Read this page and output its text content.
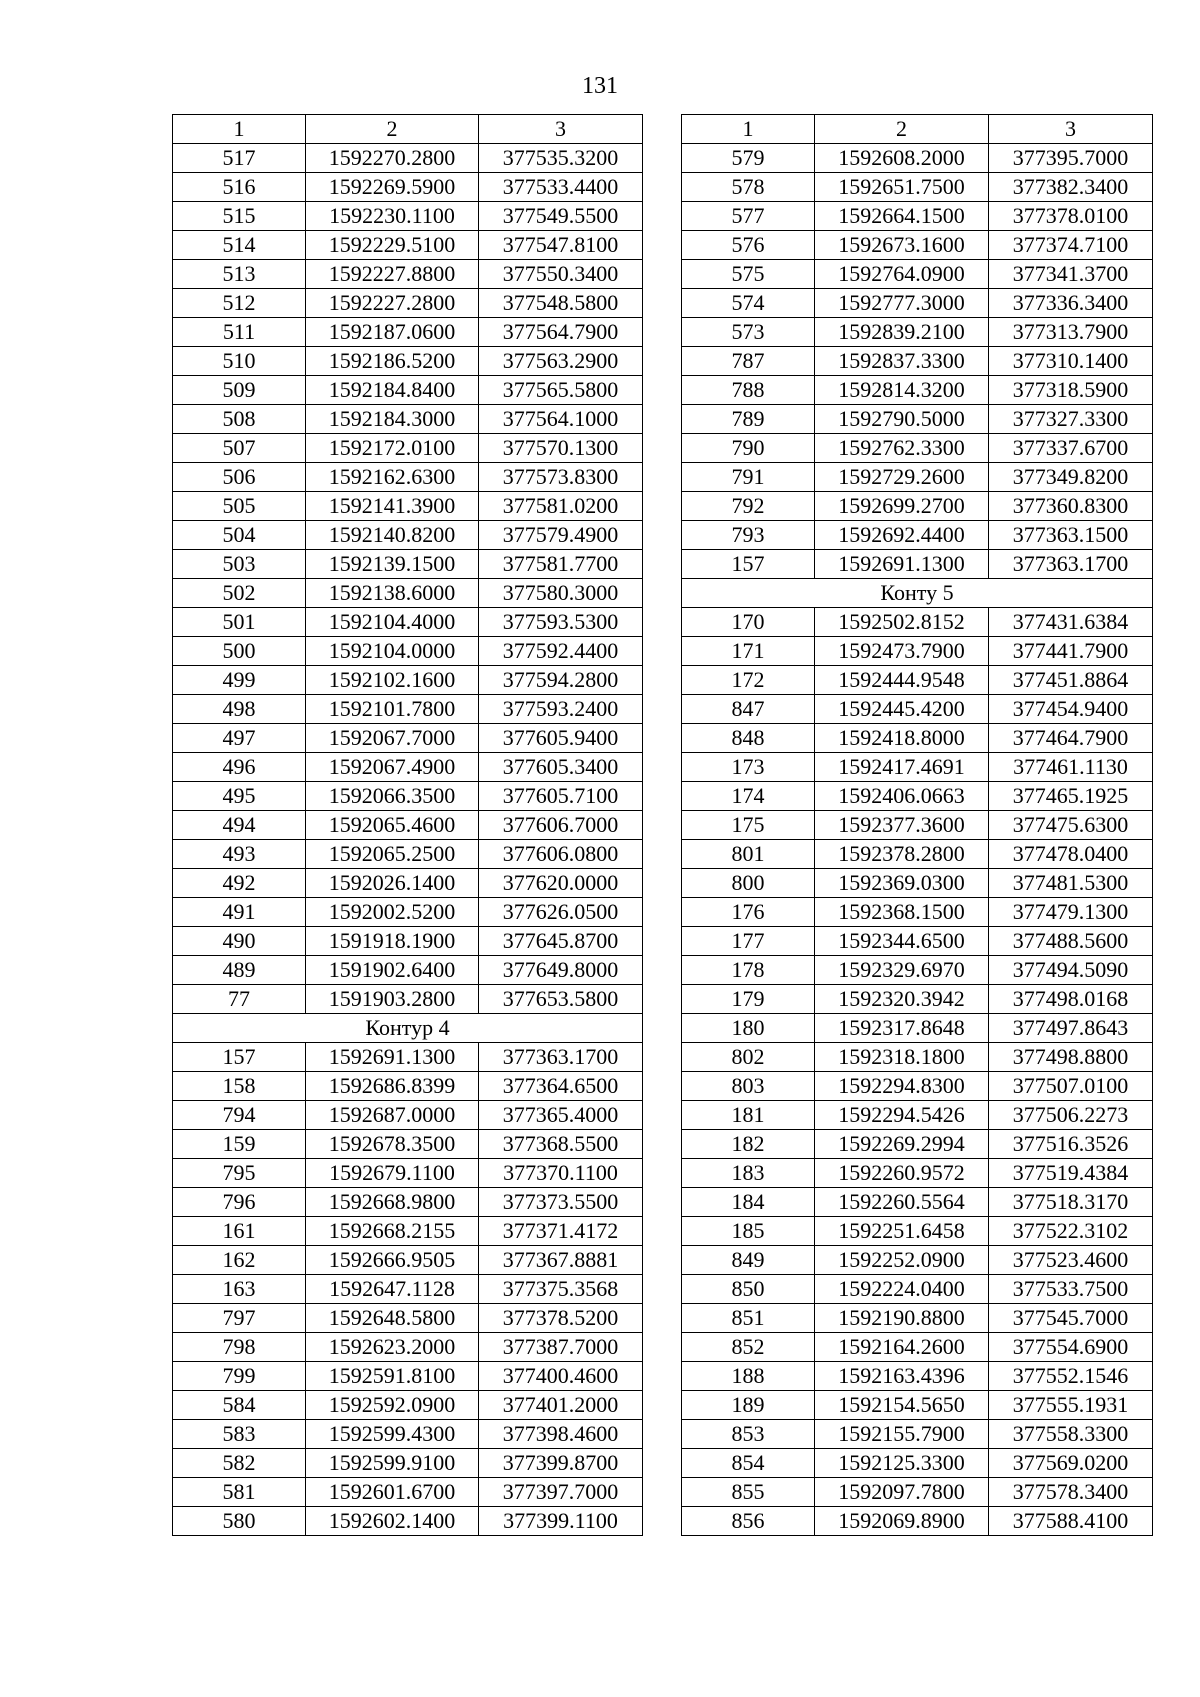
131
1	2	3
517	1592270.2800	377535.3200
516	1592269.5900	377533.4400
515	1592230.1100	377549.5500
514	1592229.5100	377547.8100
513	1592227.8800	377550.3400
512	1592227.2800	377548.5800
511	1592187.0600	377564.7900
510	1592186.5200	377563.2900
509	1592184.8400	377565.5800
508	1592184.3000	377564.1000
507	1592172.0100	377570.1300
506	1592162.6300	377573.8300
505	1592141.3900	377581.0200
504	1592140.8200	377579.4900
503	1592139.1500	377581.7700
502	1592138.6000	377580.3000
501	1592104.4000	377593.5300
500	1592104.0000	377592.4400
499	1592102.1600	377594.2800
498	1592101.7800	377593.2400
497	1592067.7000	377605.9400
496	1592067.4900	377605.3400
495	1592066.3500	377605.7100
494	1592065.4600	377606.7000
493	1592065.2500	377606.0800
492	1592026.1400	377620.0000
491	1592002.5200	377626.0500
490	1591918.1900	377645.8700
489	1591902.6400	377649.8000
77	1591903.2800	377653.5800
Контур 4		
157	1592691.1300	377363.1700
158	1592686.8399	377364.6500
794	1592687.0000	377365.4000
159	1592678.3500	377368.5500
795	1592679.1100	377370.1100
796	1592668.9800	377373.5500
161	1592668.2155	377371.4172
162	1592666.9505	377367.8881
163	1592647.1128	377375.3568
797	1592648.5800	377378.5200
798	1592623.2000	377387.7000
799	1592591.8100	377400.4600
584	1592592.0900	377401.2000
583	1592599.4300	377398.4600
582	1592599.9100	377399.8700
581	1592601.6700	377397.7000
580	1592602.1400	377399.1100
1	2	3
579	1592608.2000	377395.7000
578	1592651.7500	377382.3400
577	1592664.1500	377378.0100
576	1592673.1600	377374.7100
575	1592764.0900	377341.3700
574	1592777.3000	377336.3400
573	1592839.2100	377313.7900
787	1592837.3300	377310.1400
788	1592814.3200	377318.5900
789	1592790.5000	377327.3300
790	1592762.3300	377337.6700
791	1592729.2600	377349.8200
792	1592699.2700	377360.8300
793	1592692.4400	377363.1500
157	1592691.1300	377363.1700
Конту 5		
170	1592502.8152	377431.6384
171	1592473.7900	377441.7900
172	1592444.9548	377451.8864
847	1592445.4200	377454.9400
848	1592418.8000	377464.7900
173	1592417.4691	377461.1130
174	1592406.0663	377465.1925
175	1592377.3600	377475.6300
801	1592378.2800	377478.0400
800	1592369.0300	377481.5300
176	1592368.1500	377479.1300
177	1592344.6500	377488.5600
178	1592329.6970	377494.5090
179	1592320.3942	377498.0168
180	1592317.8648	377497.8643
802	1592318.1800	377498.8800
803	1592294.8300	377507.0100
181	1592294.5426	377506.2273
182	1592269.2994	377516.3526
183	1592260.9572	377519.4384
184	1592260.5564	377518.3170
185	1592251.6458	377522.3102
849	1592252.0900	377523.4600
850	1592224.0400	377533.7500
851	1592190.8800	377545.7000
852	1592164.2600	377554.6900
188	1592163.4396	377552.1546
189	1592154.5650	377555.1931
853	1592155.7900	377558.3300
854	1592125.3300	377569.0200
855	1592097.7800	377578.3400
856	1592069.8900	377588.4100
